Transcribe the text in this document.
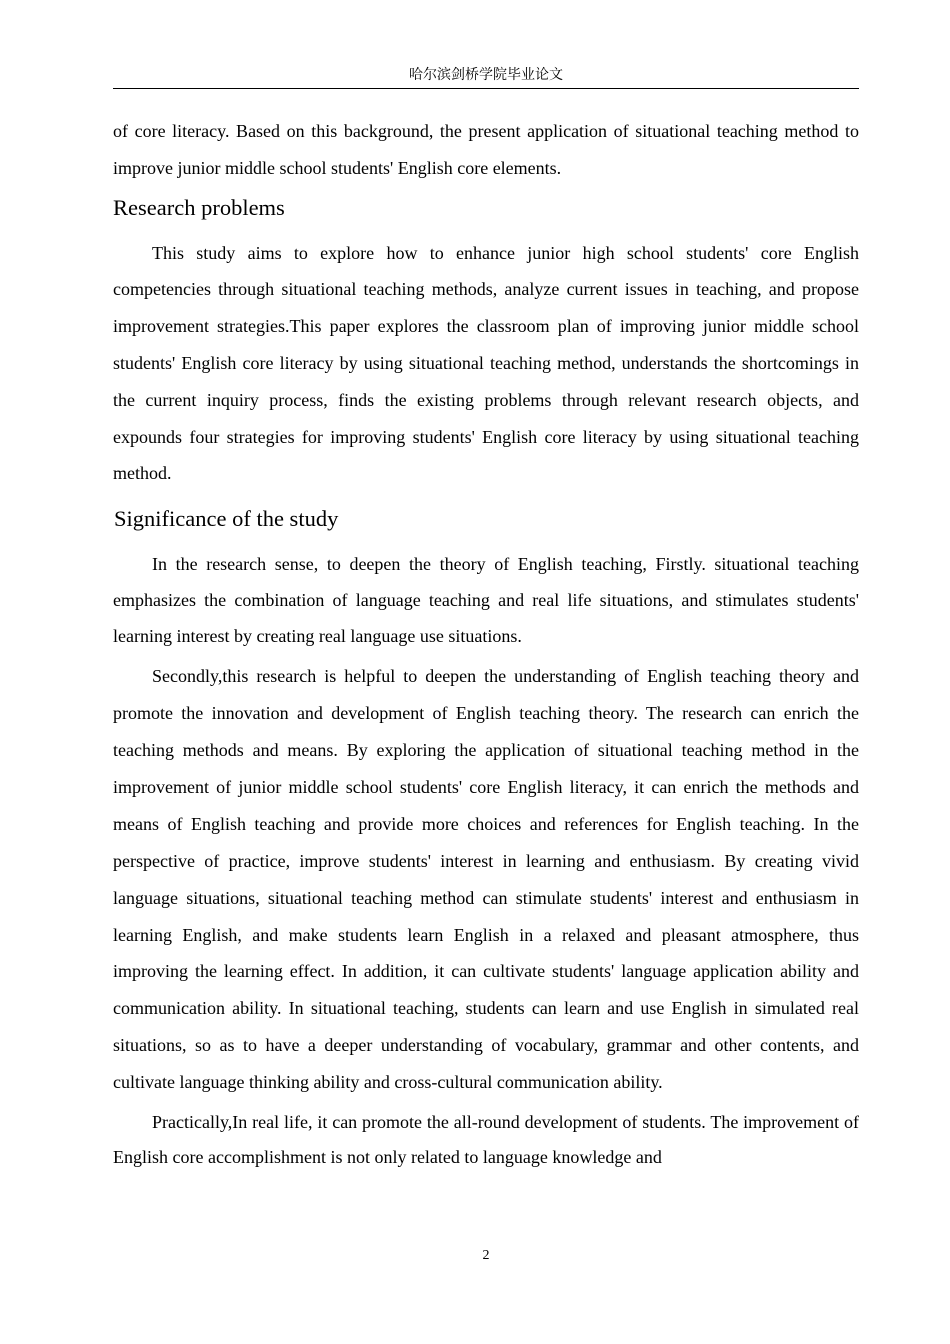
哈尔滨剑桥学院毕业论文

of core literacy. Based on this background, the present application of situational teaching method to improve junior middle school students' English core elements.

Research problems

This study aims to explore how to enhance junior high school students' core English competencies through situational teaching methods, analyze current issues in teaching, and propose improvement strategies.This paper explores the classroom plan of improving junior middle school students' English core literacy by using situational teaching method, understands the shortcomings in the current inquiry process, finds the existing problems through relevant research objects, and expounds four strategies for improving students' English core literacy by using situational teaching method.

Significance of the study

In the research sense, to deepen the theory of English teaching, Firstly. situational teaching emphasizes the combination of language teaching and real life situations, and stimulates students' learning interest by creating real language use situations.

Secondly,this research is helpful to deepen the understanding of English teaching theory and promote the innovation and development of English teaching theory. The research can enrich the teaching methods and means. By exploring the application of situational teaching method in the improvement of junior middle school students' core English literacy, it can enrich the methods and means of English teaching and provide more choices and references for English teaching. In the perspective of practice, improve students' interest in learning and enthusiasm. By creating vivid language situations, situational teaching method can stimulate students' interest and enthusiasm in learning English, and make students learn English in a relaxed and pleasant atmosphere, thus improving the learning effect. In addition, it can cultivate students' language application ability and communication ability. In situational teaching, students can learn and use English in simulated real situations, so as to have a deeper understanding of vocabulary, grammar and other contents, and cultivate language thinking ability and cross-cultural communication ability.

Practically,In real life, it can promote the all-round development of students. The improvement of English core accomplishment is not only related to language knowledge and

2
